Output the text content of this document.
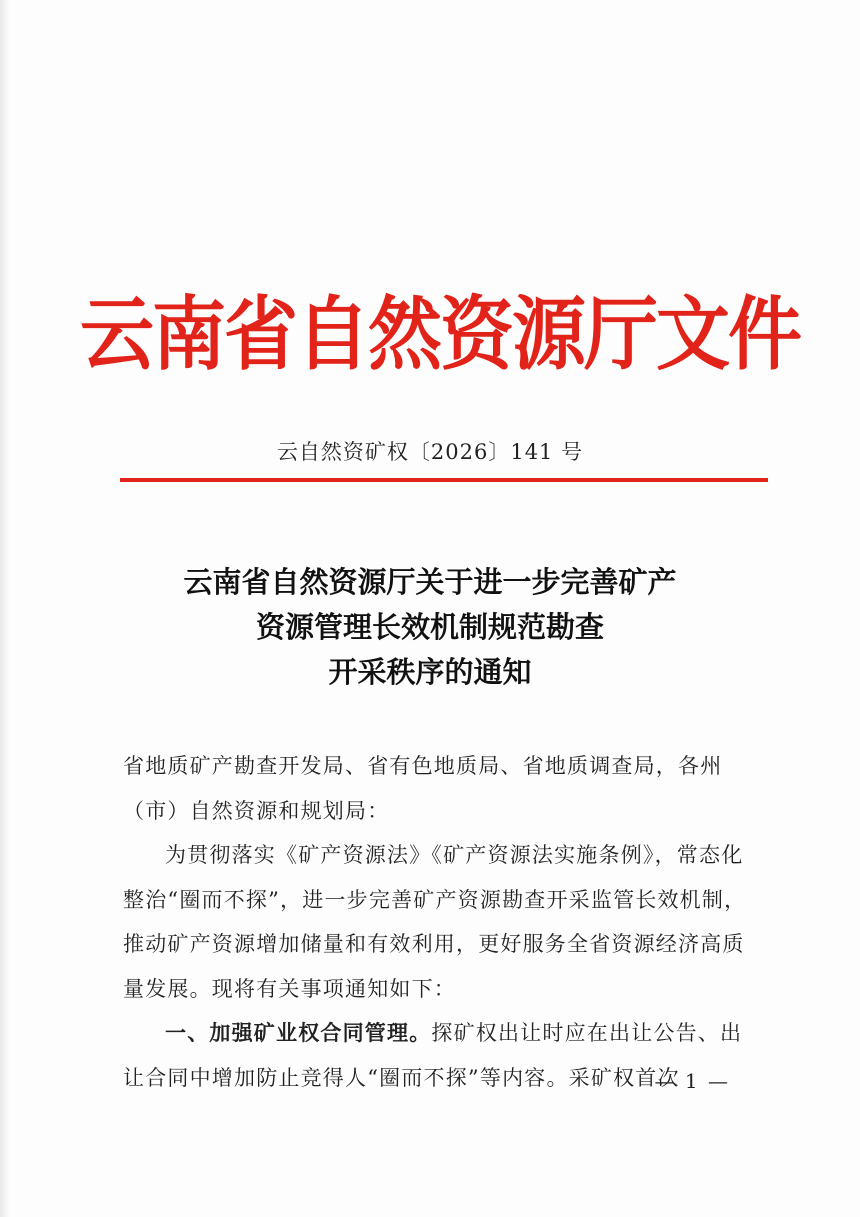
云南省自然资源厅文件
云自然资矿权〔2026〕141 号
云南省自然资源厅关于进一步完善矿产
资源管理长效机制规范勘查
开采秩序的通知

省地质矿产勘查开发局、省有色地质局、省地质调查局，各州（市）自然资源和规划局：

为贯彻落实《矿产资源法》《矿产资源法实施条例》，常态化整治“圈而不探”，进一步完善矿产资源勘查开采监管长效机制，推动矿产资源增加储量和有效利用，更好服务全省资源经济高质量发展。现将有关事项通知如下：

一、加强矿业权合同管理。探矿权出让时应在出让公告、出让合同中增加防止竞得人“圈而不探”等内容。采矿权首次

— 1 —
